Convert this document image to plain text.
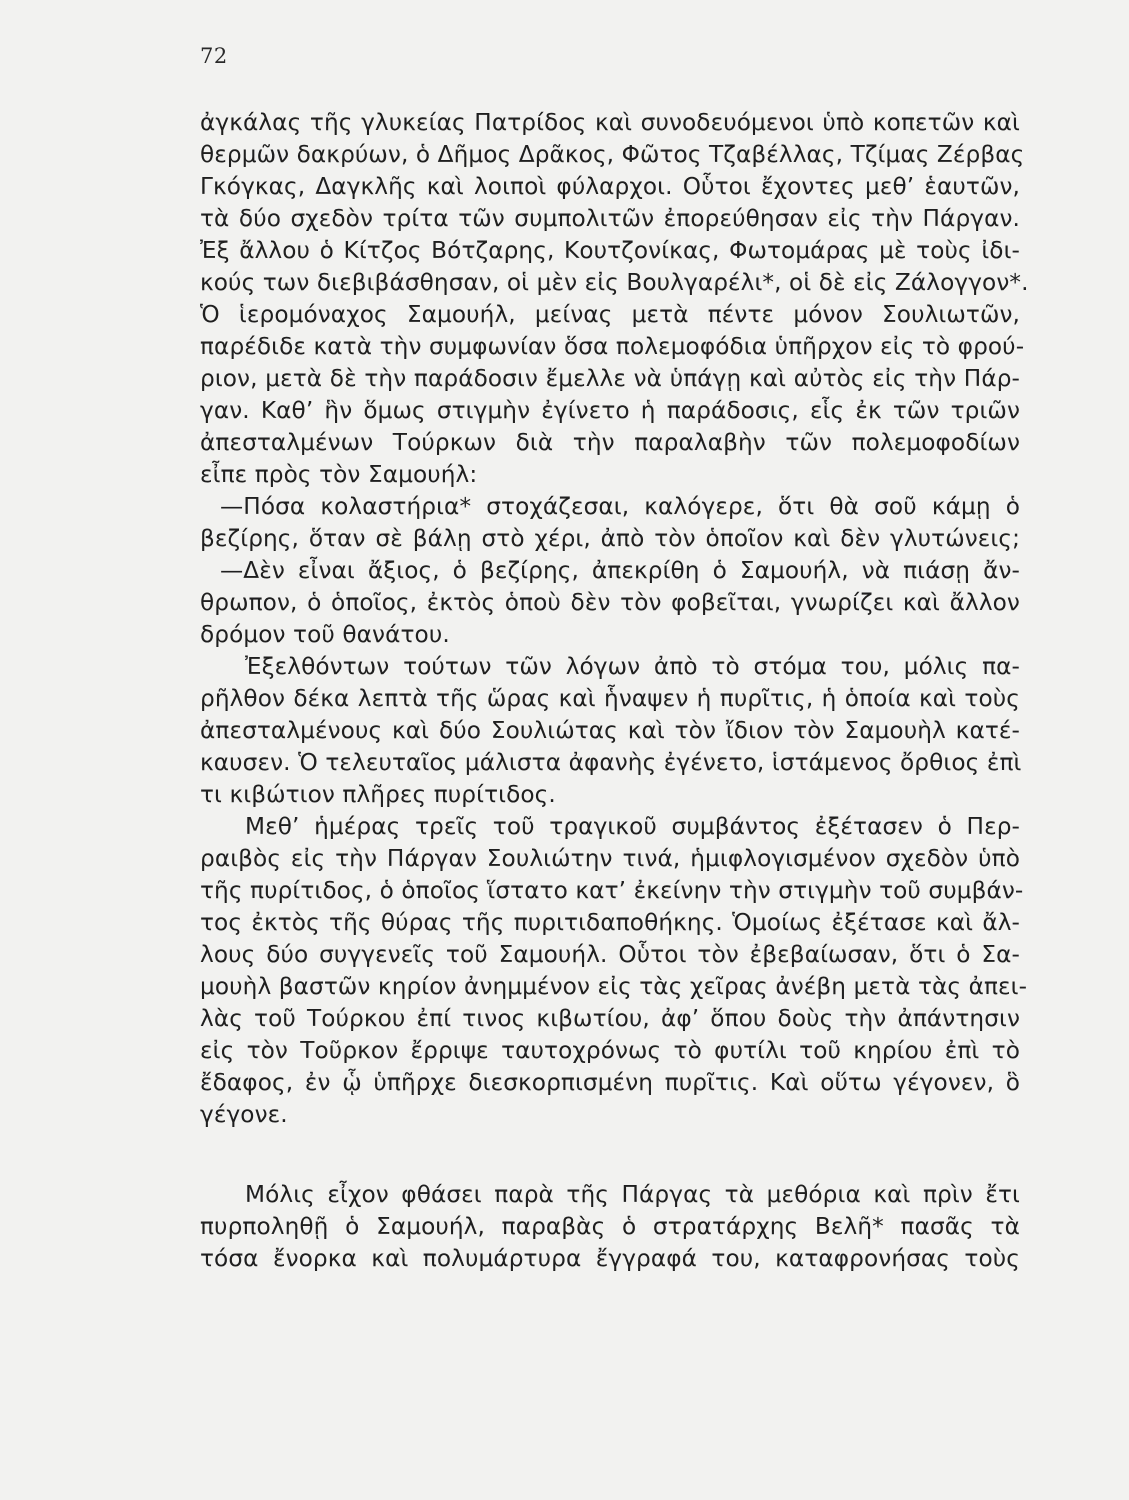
72
ἀγκάλας τῆς γλυκείας Πατρίδος καὶ συνοδευόμενοι ὑπὸ κοπετῶν καὶ
θερμῶν δακρύων, ὁ Δῆμος Δρᾶκος, Φῶτος Τζαβέλλας, Τζίμας Ζέρβας
Γκόγκας, Δαγκλῆς καὶ λοιποὶ φύλαρχοι. Οὗτοι ἔχοντες μεθ’ ἑαυτῶν,
τὰ δύο σχεδὸν τρίτα τῶν συμπολιτῶν ἐπορεύθησαν εἰς τὴν Πάργαν.
Ἐξ ἄλλου ὁ Κίτζος Βότζαρης, Κουτζονίκας, Φωτομάρας μὲ τοὺς ἰδι-
κούς των διεβιβάσθησαν, οἱ μὲν εἰς Βουλγαρέλι*, οἱ δὲ εἰς Ζάλογγον*.
Ὁ ἱερομόναχος Σαμουήλ, μείνας μετὰ πέντε μόνον Σουλιωτῶν,
παρέδιδε κατὰ τὴν συμφωνίαν ὅσα πολεμοφόδια ὑπῆρχον εἰς τὸ φρού-
ριον, μετὰ δὲ τὴν παράδοσιν ἔμελλε νὰ ὑπάγῃ καὶ αὐτὸς εἰς τὴν Πάρ-
γαν. Καθ’ ἣν ὅμως στιγμὴν ἐγίνετο ἡ παράδοσις, εἷς ἐκ τῶν τριῶν
ἀπεσταλμένων Τούρκων διὰ τὴν παραλαβὴν τῶν πολεμοφοδίων
εἶπε πρὸς τὸν Σαμουήλ:
—Πόσα κολαστήρια* στοχάζεσαι, καλόγερε, ὅτι θὰ σοῦ κάμῃ ὁ
βεζίρης, ὅταν σὲ βάλῃ στὸ χέρι, ἀπὸ τὸν ὁποῖον καὶ δὲν γλυτώνεις;
—Δὲν εἶναι ἄξιος, ὁ βεζίρης, ἀπεκρίθη ὁ Σαμουήλ, νὰ πιάσῃ ἄν-
θρωπον, ὁ ὁποῖος, ἐκτὸς ὁποὺ δὲν τὸν φοβεῖται, γνωρίζει καὶ ἄλλον
δρόμον τοῦ θανάτου.
Ἐξελθόντων τούτων τῶν λόγων ἀπὸ τὸ στόμα του, μόλις πα-
ρῆλθον δέκα λεπτὰ τῆς ὥρας καὶ ἧναψεν ἡ πυρῖτις, ἡ ὁποία καὶ τοὺς
ἀπεσταλμένους καὶ δύο Σουλιώτας καὶ τὸν ἴδιον τὸν Σαμουὴλ κατέ-
καυσεν. Ὁ τελευταῖος μάλιστα ἀφανὴς ἐγένετο, ἱστάμενος ὄρθιος ἐπὶ
τι κιβώτιον πλῆρες πυρίτιδος.
Μεθ’ ἡμέρας τρεῖς τοῦ τραγικοῦ συμβάντος ἐξέτασεν ὁ Περ-
ραιβὸς εἰς τὴν Πάργαν Σουλιώτην τινά, ἡμιφλογισμένον σχεδὸν ὑπὸ
τῆς πυρίτιδος, ὁ ὁποῖος ἵστατο κατ’ ἐκείνην τὴν στιγμὴν τοῦ συμβάν-
τος ἐκτὸς τῆς θύρας τῆς πυριτιδαποθήκης. Ὁμοίως ἐξέτασε καὶ ἄλ-
λους δύο συγγενεῖς τοῦ Σαμουήλ. Οὗτοι τὸν ἐβεβαίωσαν, ὅτι ὁ Σα-
μουὴλ βαστῶν κηρίον ἀνημμένον εἰς τὰς χεῖρας ἀνέβη μετὰ τὰς ἀπει-
λὰς τοῦ Τούρκου ἐπί τινος κιβωτίου, ἀφ’ ὅπου δοὺς τὴν ἀπάντησιν
εἰς τὸν Τοῦρκον ἔρριψε ταυτοχρόνως τὸ φυτίλι τοῦ κηρίου ἐπὶ τὸ
ἔδαφος, ἐν ᾧ ὑπῆρχε διεσκορπισμένη πυρῖτις. Καὶ οὕτω γέγονεν, ὃ
γέγονε.
Μόλις εἶχον φθάσει παρὰ τῆς Πάργας τὰ μεθόρια καὶ πρὶν ἔτι
πυρποληθῇ ὁ Σαμουήλ, παραβὰς ὁ στρατάρχης Βελῆ* πασᾶς τὰ
τόσα ἔνορκα καὶ πολυμάρτυρα ἔγγραφά του, καταφρονήσας τοὺς
